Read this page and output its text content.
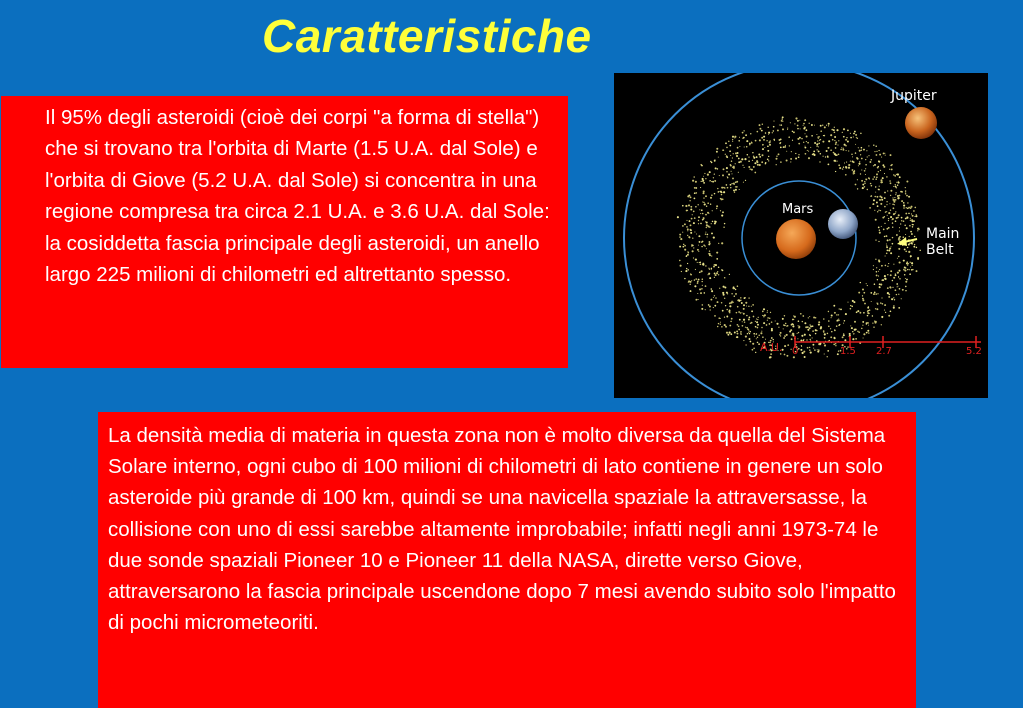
Caratteristiche
Il 95% degli asteroidi (cioè dei corpi "a forma di stella") che si trovano tra l'orbita di Marte (1.5 U.A. dal Sole) e l'orbita di Giove (5.2 U.A. dal Sole) si concentra in una regione compresa tra circa 2.1 U.A. e 3.6 U.A. dal Sole: la cosiddetta fascia principale degli asteroidi, un anello largo 225 milioni di chilometri ed altrettanto spesso.
Jupiter
Mars
Main
Belt
A.U. 0	1.5 2.7	5.2
La densità media di materia in questa zona non è molto diversa da quella del Sistema Solare interno, ogni cubo di 100 milioni di chilometri di lato contiene in genere un solo asteroide più grande di 100 km, quindi se una navicella spaziale la attraversasse, la collisione con uno di essi sarebbe altamente improbabile; infatti negli anni 1973-74 le due sonde spaziali Pioneer 10 e Pioneer 11 della NASA, dirette verso Giove, attraversarono la fascia principale uscendone dopo 7 mesi avendo subito solo l'impatto di pochi micrometeoriti.
